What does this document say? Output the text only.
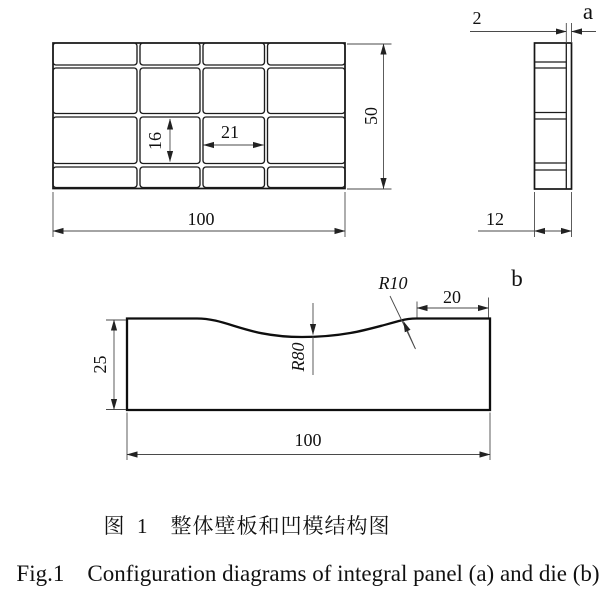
100
50
16	21
2
12
a
25
100
20
R80
R10	b
图 1　整体壁板和凹模结构图
Fig.1 Configuration diagrams of integral panel (a) and die (b)
